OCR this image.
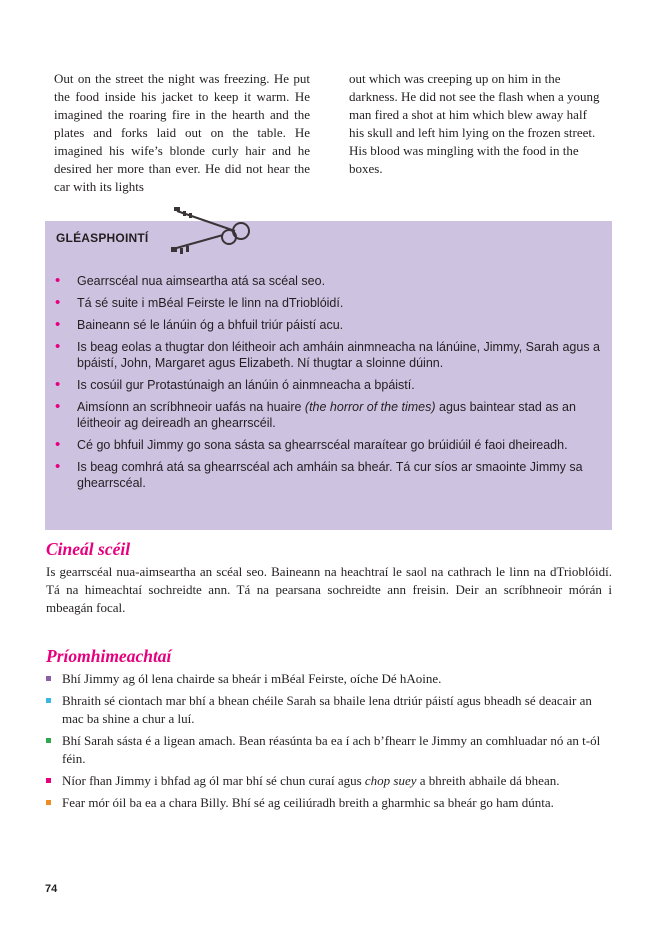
Out on the street the night was freezing. He put the food inside his jacket to keep it warm. He imagined the roaring fire in the hearth and the plates and forks laid out on the table. He imagined his wife’s blonde curly hair and he desired her more than ever. He did not hear the car with its lights
out which was creeping up on him in the darkness. He did not see the flash when a young man fired a shot at him which blew away half his skull and left him lying on the frozen street. His blood was mingling with the food in the boxes.
GLÉASPHOINTÍ
• Gearrscéal nua aimseartha atá sa scéal seo.
• Tá sé suite i mBéal Feirste le linn na dTrioblóidí.
• Baineann sé le lánúin óg a bhfuil triúr páistí acu.
• Is beag eolas a thugtar don léitheoir ach amháin ainmneacha na lánúine, Jimmy, Sarah agus a bpáistí, John, Margaret agus Elizabeth. Ní thugtar a sloinne dúinn.
• Is cosúil gur Protastúnaigh an lánúin ó ainmneacha a bpáistí.
• Aimsíonn an scríbhneoir uafás na huaire (the horror of the times) agus baintear stad as an léitheoir ag deireadh an ghearrscéil.
• Cé go bhfuil Jimmy go sona sásta sa ghearrscéal maraítear go brúidiúil é faoi dheireadh.
• Is beag comhrá atá sa ghearrscéal ach amháin sa bheár. Tá cur síos ar smaointe Jimmy sa ghearrscéal.
Cineál scéil
Is gearrscéal nua-aimseartha an scéal seo. Baineann na heachtraí le saol na cathrach le linn na dTrioblóidí. Tá na himeachtaí sochreidte ann. Tá na pearsana sochreidte ann freisin. Deir an scríbhneoir mórán i mbeagán focal.
Príomhimeachtaí
Bhí Jimmy ag ól lena chairde sa bheár i mBéal Feirste, oíche Dé hAoine.
Bhraith sé ciontach mar bhí a bhean chéile Sarah sa bhaile lena dtriúr páistí agus bheadh sé deacair an mac ba shine a chur a luí.
Bhí Sarah sásta é a ligean amach. Bean réasúnta ba ea í ach b’fhearr le Jimmy an comhluadar nó an t-ól féin.
Níor fhan Jimmy i bhfad ag ól mar bhí sé chun curaí agus chop suey a bhreith abhaile dá bhean.
Fear mór óil ba ea a chara Billy. Bhí sé ag ceiliúradh breith a gharmhic sa bheár go ham dúnta.
74
